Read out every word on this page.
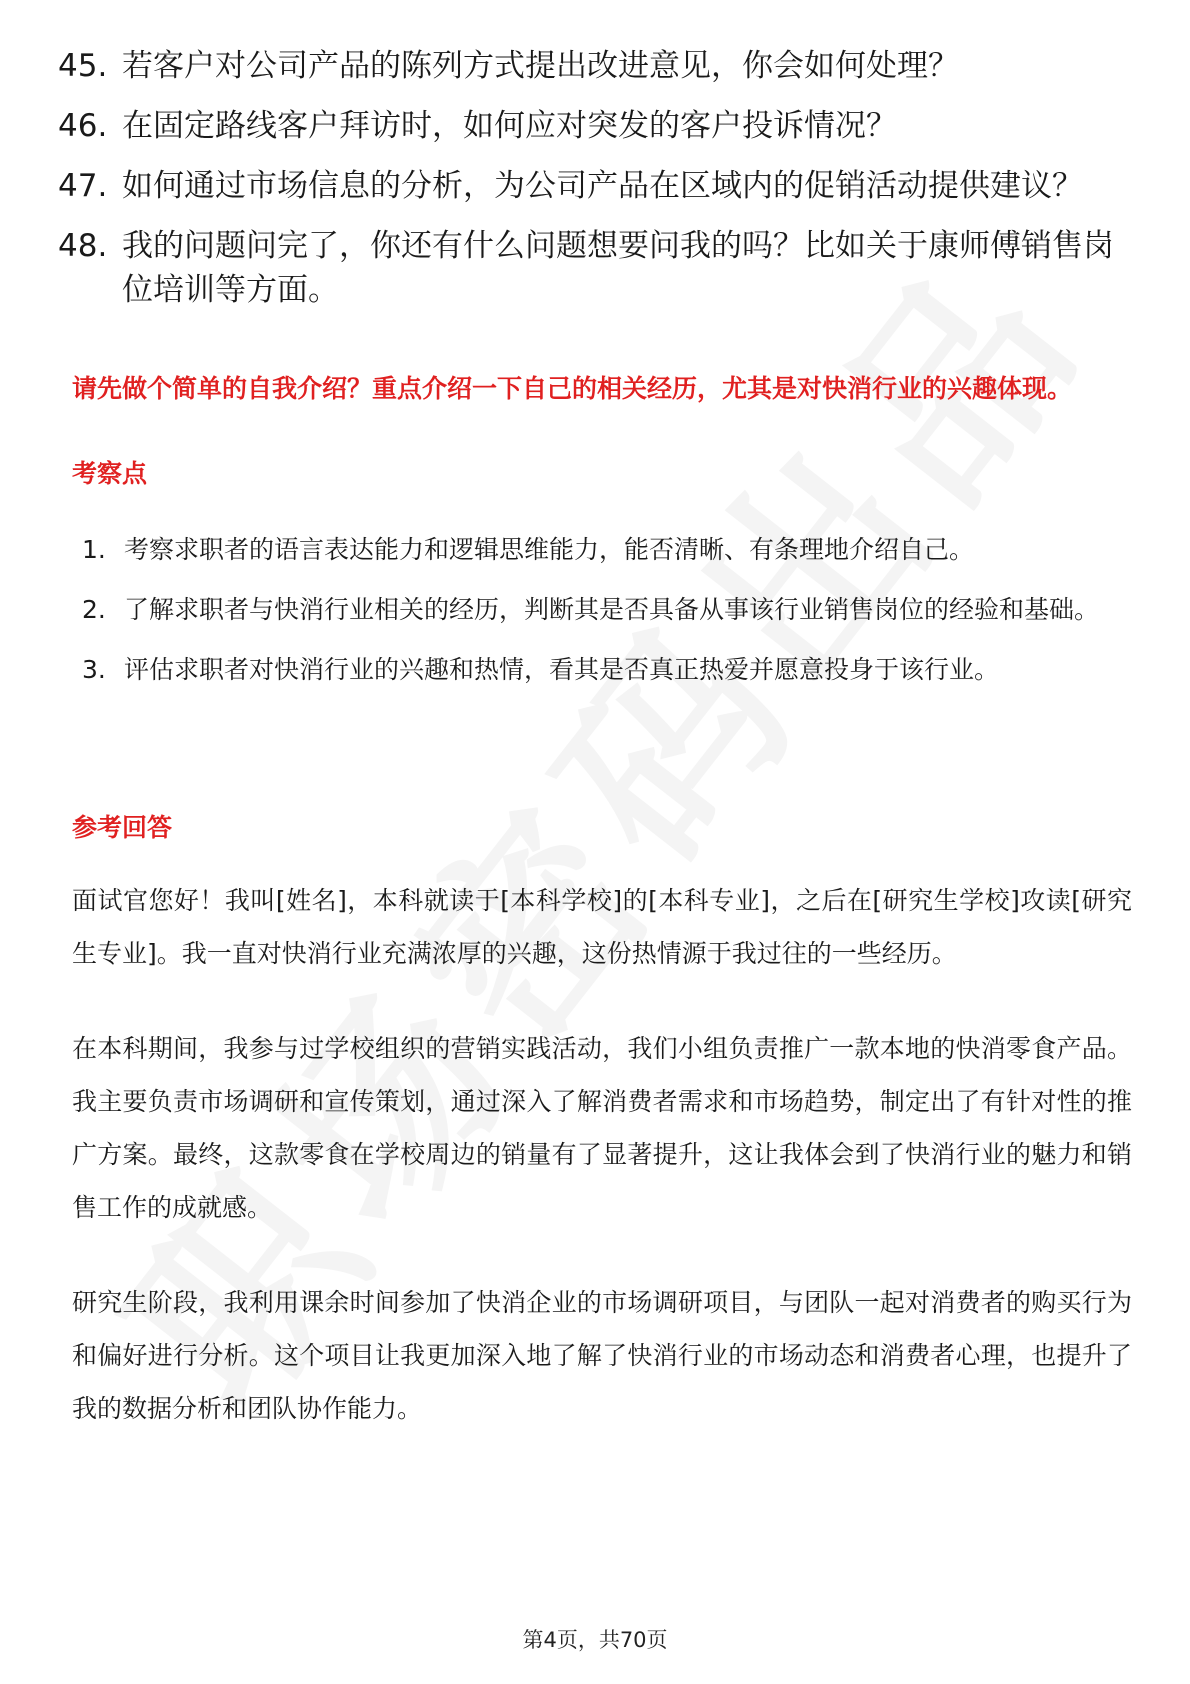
45. 若客户对公司产品的陈列方式提出改进意见，你会如何处理？
46. 在固定路线客户拜访时，如何应对突发的客户投诉情况？
47. 如何通过市场信息的分析，为公司产品在区域内的促销活动提供建议？
48. 我的问题问完了，你还有什么问题想要问我的吗？比如关于康师傅销售岗位培训等方面。
请先做个简单的自我介绍？重点介绍一下自己的相关经历，尤其是对快消行业的兴趣体现。
考察点
1. 考察求职者的语言表达能力和逻辑思维能力，能否清晰、有条理地介绍自己。
2. 了解求职者与快消行业相关的经历，判断其是否具备从事该行业销售岗位的经验和基础。
3. 评估求职者对快消行业的兴趣和热情，看其是否真正热爱并愿意投身于该行业。
参考回答

面试官您好！我叫[姓名]，本科就读于[本科学校]的[本科专业]，之后在[研究生学校]攻读[研究生专业]。我一直对快消行业充满浓厚的兴趣，这份热情源于我过往的一些经历。

在本科期间，我参与过学校组织的营销实践活动，我们小组负责推广一款本地的快消零食产品。我主要负责市场调研和宣传策划，通过深入了解消费者需求和市场趋势，制定出了有针对性的推广方案。最终，这款零食在学校周边的销量有了显著提升，这让我体会到了快消行业的魅力和销售工作的成就感。

研究生阶段，我利用课余时间参加了快消企业的市场调研项目，与团队一起对消费者的购买行为和偏好进行分析。这个项目让我更加深入地了解了快消行业的市场动态和消费者心理，也提升了我的数据分析和团队协作能力。

第4页，共70页
